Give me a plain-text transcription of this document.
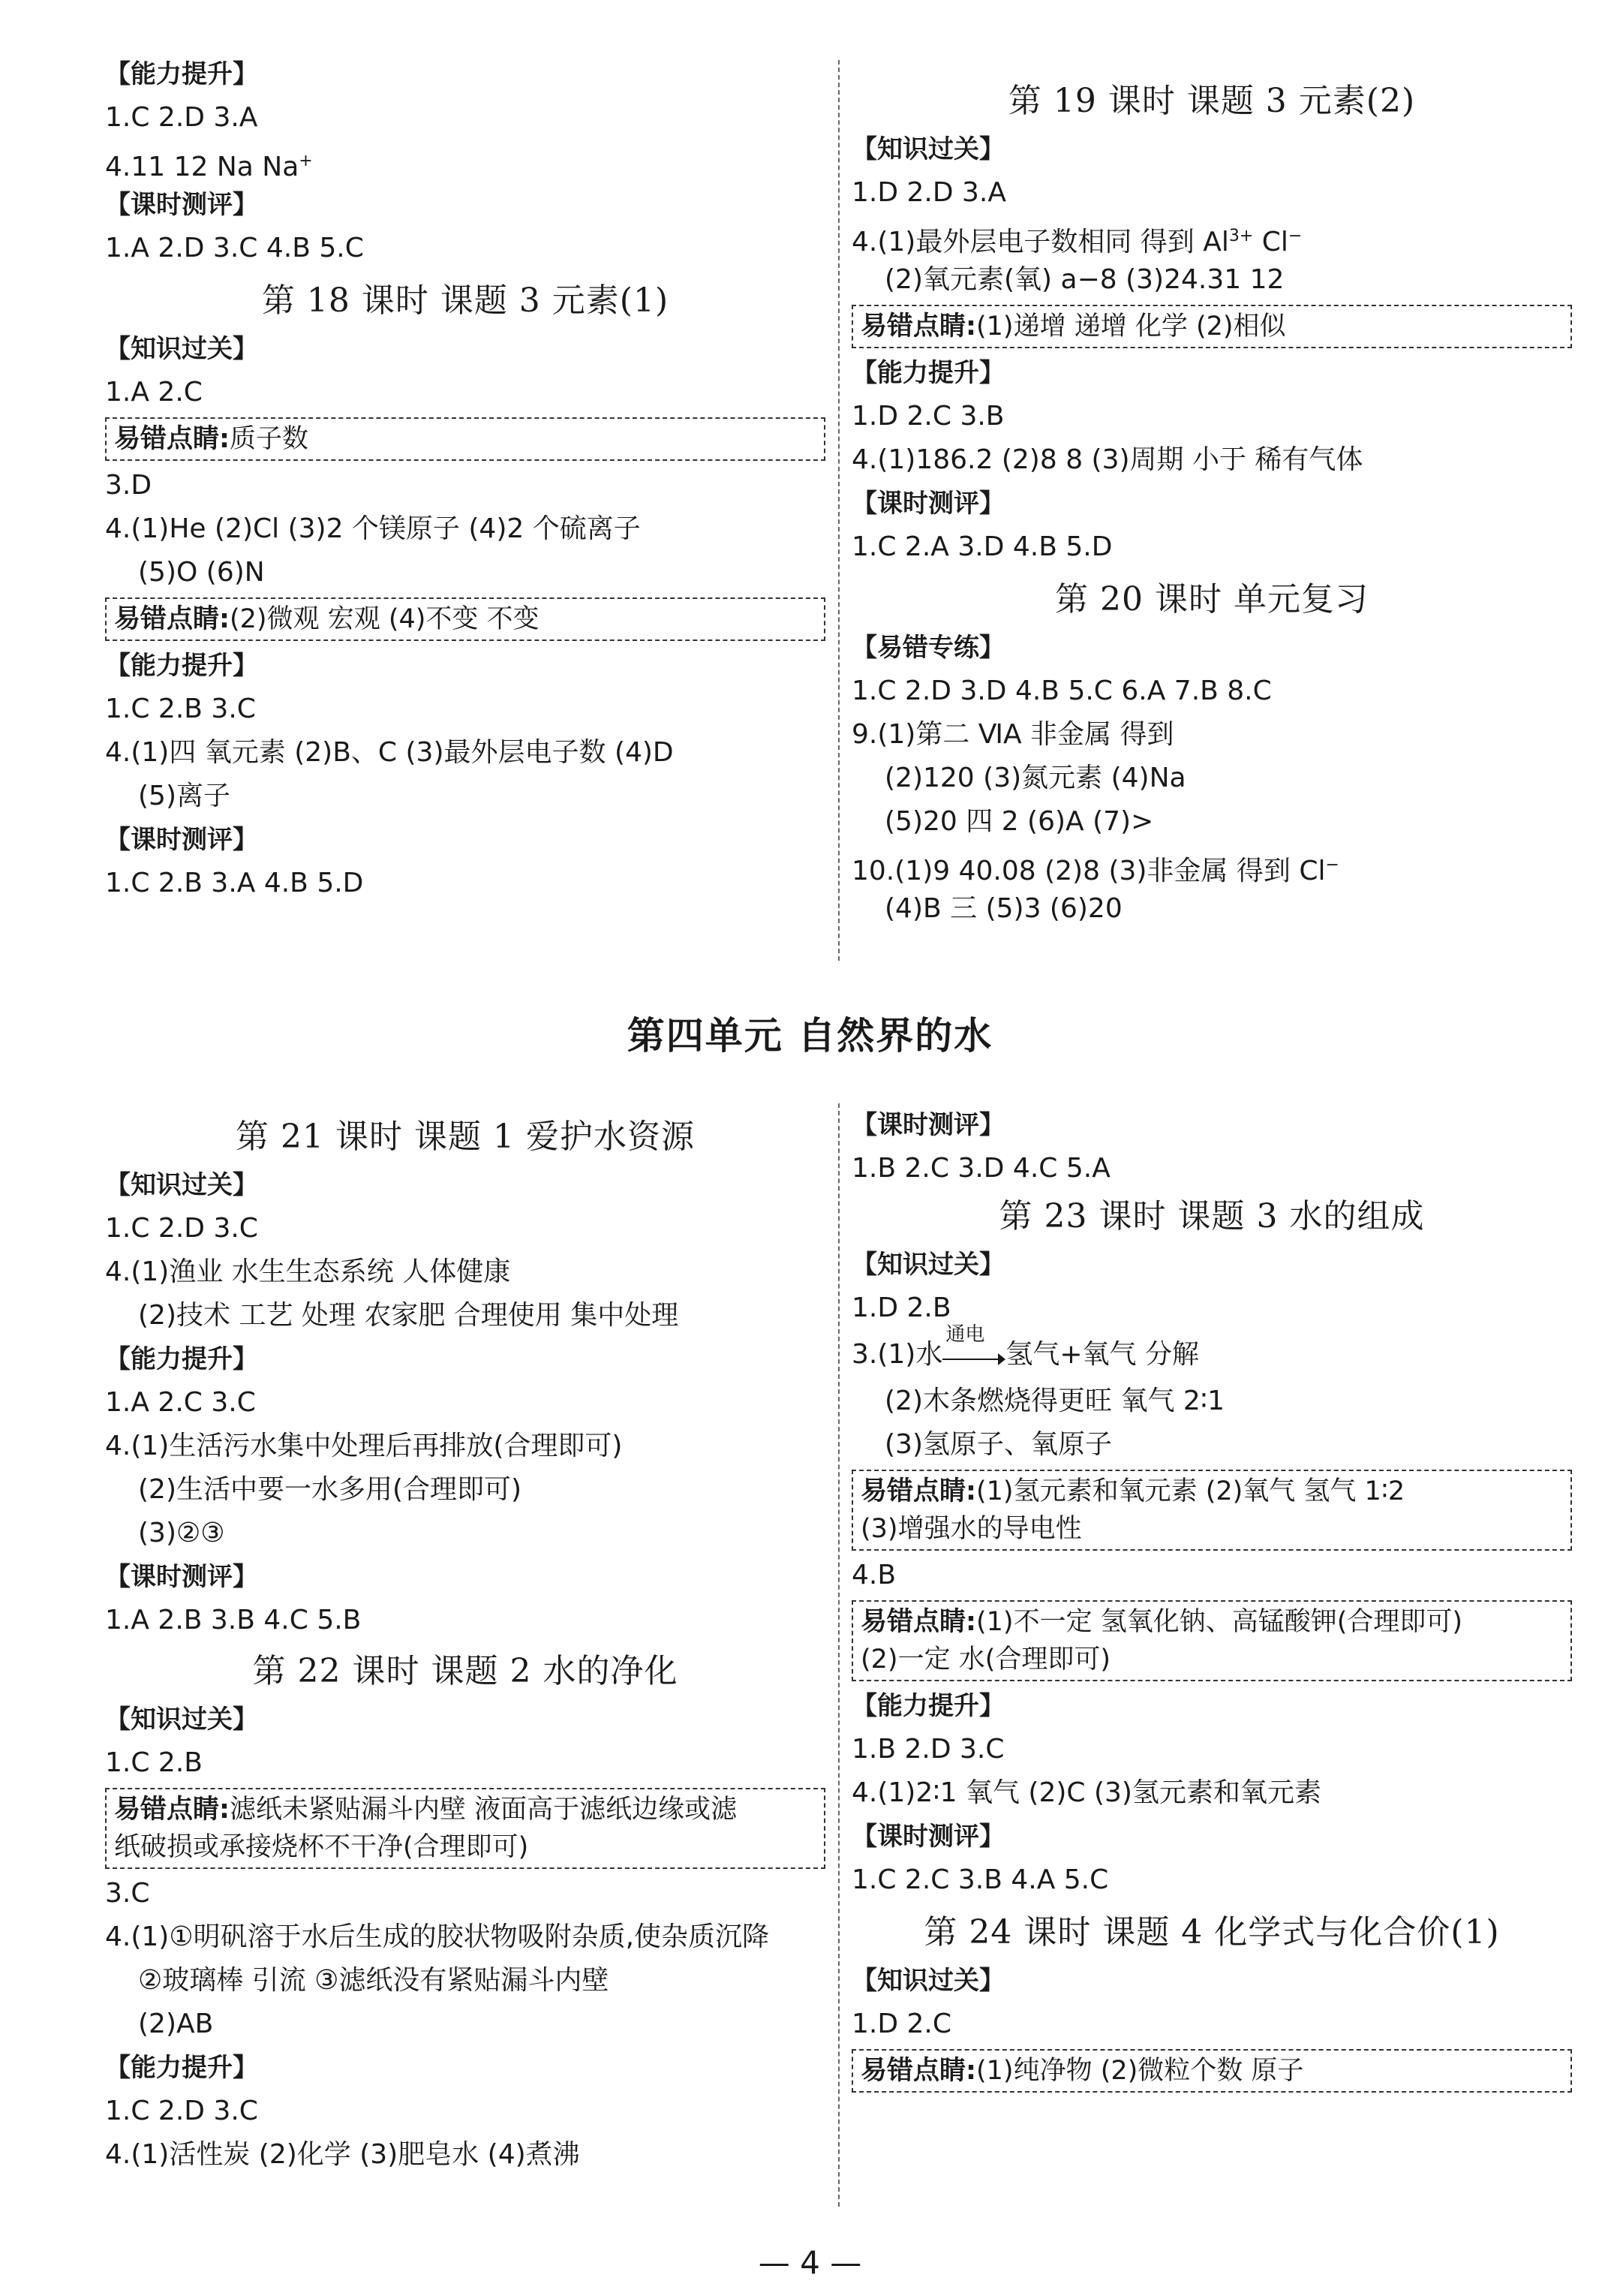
【能力提升】
1.C 2.D 3.A
4.11 12 Na Na+
【课时测评】
1.A 2.D 3.C 4.B 5.C
第 18 课时 课题 3 元素(1)
【知识过关】
1.A 2.C
易错点睛:质子数
3.D
4.(1)He (2)Cl (3)2 个镁原子 (4)2 个硫离子
(5)O (6)N
易错点睛:(2)微观 宏观 (4)不变 不变
【能力提升】
1.C 2.B 3.C
4.(1)四 氧元素 (2)B、C (3)最外层电子数 (4)D
(5)离子
【课时测评】
1.C 2.B 3.A 4.B 5.D
第 19 课时 课题 3 元素(2)
【知识过关】
1.D 2.D 3.A
4.(1)最外层电子数相同 得到 $Al^{3+}$ Cl−
(2)氧元素(氧) a−8 (3)24.31 12
易错点睛:(1)递增 递增 化学 (2)相似
【能力提升】
1.D 2.C 3.B
4.(1)186.2 (2)8 8 (3)周期 小于 稀有气体
【课时测评】
1.C 2.A 3.D 4.B 5.D
第 20 课时 单元复习
【易错专练】
1.C 2.D 3.D 4.B 5.C 6.A 7.B 8.C
9.(1)第二 ⅥA 非金属 得到
(2)120 (3)氮元素 (4)Na
(5)20 四 2 (6)A (7)>
10.(1)9 40.08 (2)8 (3)非金属 得到 Cl−
(4)B 三 (5)3 (6)20
第四单元 自然界的水
第 21 课时 课题 1 爱护水资源
【知识过关】
1.C 2.D 3.C
4.(1)渔业 水生生态系统 人体健康
(2)技术 工艺 处理 农家肥 合理使用 集中处理
【能力提升】
1.A 2.C 3.C
4.(1)生活污水集中处理后再排放(合理即可)
(2)生活中要一水多用(合理即可)
(3)②③
【课时测评】
1.A 2.B 3.B 4.C 5.B
第 22 课时 课题 2 水的净化
【知识过关】
1.C 2.B
易错点睛:滤纸未紧贴漏斗内壁 液面高于滤纸边缘或滤
纸破损或承接烧杯不干净(合理即可)
3.C
4.(1)①明矾溶于水后生成的胶状物吸附杂质,使杂质沉降
②玻璃棒 引流 ③滤纸没有紧贴漏斗内壁
(2)AB
【能力提升】
1.C 2.D 3.C
4.(1)活性炭 (2)化学 (3)肥皂水 (4)煮沸
【课时测评】
1.B 2.C 3.D 4.C 5.A
第 23 课时 课题 3 水的组成
【知识过关】
1.D 2.B
3.(1)水
通电
氢气+氧气 分解
(2)木条燃烧得更旺 氧气 2∶1
(3)氢原子、氧原子
易错点睛:(1)氢元素和氧元素 (2)氧气 氢气 1∶2
(3)增强水的导电性
4.B
易错点睛:(1)不一定 氢氧化钠、高锰酸钾(合理即可)
(2)一定 水(合理即可)
【能力提升】
1.B 2.D 3.C
4.(1)2∶1 氧气 (2)C (3)氢元素和氧元素
【课时测评】
1.C 2.C 3.B 4.A 5.C
第 24 课时 课题 4 化学式与化合价(1)
【知识过关】
1.D 2.C
易错点睛:(1)纯净物 (2)微粒个数 原子
— 4 —
